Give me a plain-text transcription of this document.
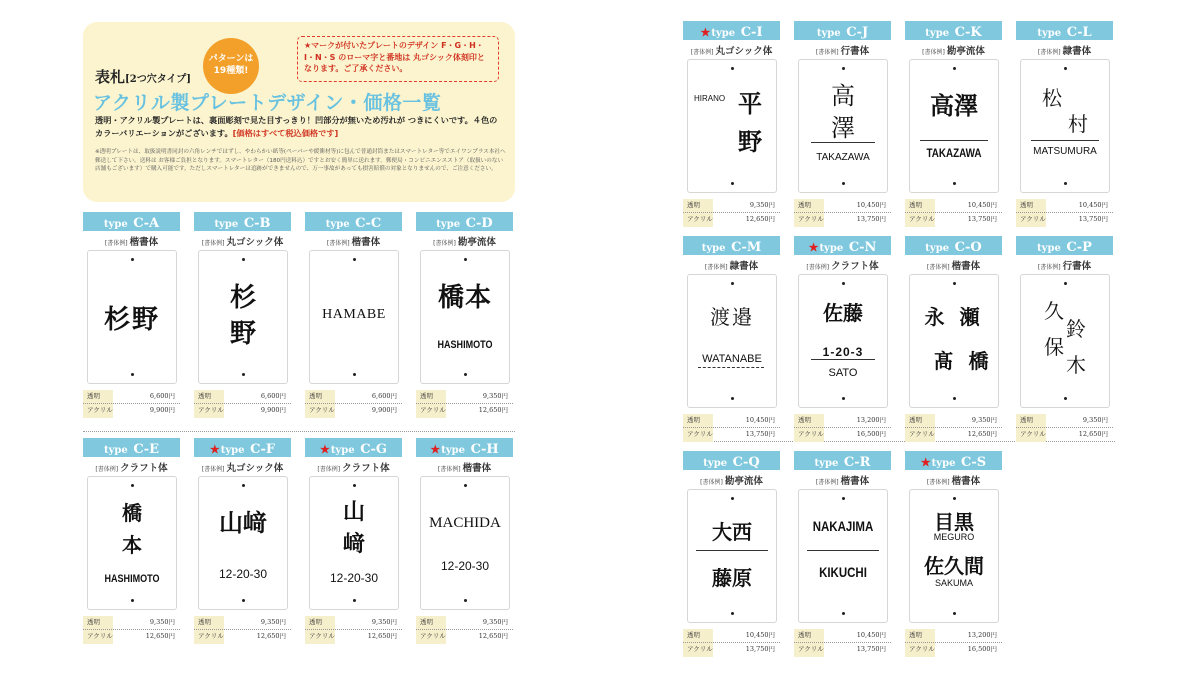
パターンは19種類!
表札[2つ穴タイプ]
★マークが付いたプレートのデザイン F・G・H・I・N・S のローマ字と番地は 丸ゴシック体刻印となります。ご了承ください。
アクリル製プレートデザイン・価格一覧
透明・アクリル製プレートは、裏面彫刻で見た目すっきり！凹部分が無いため汚れが つきにくいです。４色のカラーバリエーションがございます。[価格はすべて税込価格です]
※透明プレートは、取扱説明書同封の六角レンチではずし、やわらかい紙等(ペーパーや緩衝材等)に包んで普通封筒またはスマートレター等でエイワンプラス本社へ郵送して下さい。送料は お客様ご負担となります。スマートレター（180円送料込）ですとお安く簡単に送れます。郵便局・コンビニエンスストア（取扱いのない店舗もございます）で購入可能です。ただしスマートレターは追跡ができませんので、万一事故があっても損害賠償の対象となりませんので、ご注意ください。
type C-A
[書体例] 楷書体
杉野
透明	6,600円
アクリル	9,900円
type C-B
[書体例] 丸ゴシック体
杉
野
透明	6,600円
アクリル	9,900円
type C-C
[書体例] 楷書体
HAMABE
透明	6,600円
アクリル	9,900円
type C-D
[書体例] 勘亭流体
橋本
HASHIMOTO
透明	9,350円
アクリル	12,650円
type C-E
[書体例] クラフト体
橋
本
HASHIMOTO
透明	9,350円
アクリル	12,650円
★type C-F
[書体例] 丸ゴシック体
山﨑
12-20-30
透明	9,350円
アクリル	12,650円
★type C-G
[書体例] クラフト体
山
﨑
12-20-30
透明	9,350円
アクリル	12,650円
★type C-H
[書体例] 楷書体
MACHIDA
12-20-30
透明	9,350円
アクリル	12,650円
★type C-I
[書体例] 丸ゴシック体
HIRANO 平
野
透明	9,350円
アクリル	12,650円
type C-J
[書体例] 行書体
高
澤
TAKAZAWA
透明	10,450円
アクリル	13,750円
type C-K
[書体例] 勘亭流体
高澤
TAKAZAWA
透明	10,450円
アクリル	13,750円
type C-L
[書体例] 隷書体
松
村
MATSUMURA
透明	10,450円
アクリル	13,750円
type C-M
[書体例] 隷書体
渡邉
WATANABE
透明	10,450円
アクリル	13,750円
★type C-N
[書体例] クラフト体
佐藤
1-20-3
SATO
透明	13,200円
アクリル	16,500円
type C-O
[書体例] 楷書体
永 瀬
髙 橋
透明	9,350円
アクリル	12,650円
type C-P
[書体例] 行書体
久
保
鈴
木
透明	9,350円
アクリル	12,650円
type C-Q
[書体例] 勘亭流体
大西
藤原
透明	10,450円
アクリル	13,750円
type C-R
[書体例] 楷書体
NAKAJIMA
KIKUCHI
透明	10,450円
アクリル	13,750円
★type C-S
[書体例] 楷書体
目黒
MEGURO
佐久間
SAKUMA
透明	13,200円
アクリル	16,500円
